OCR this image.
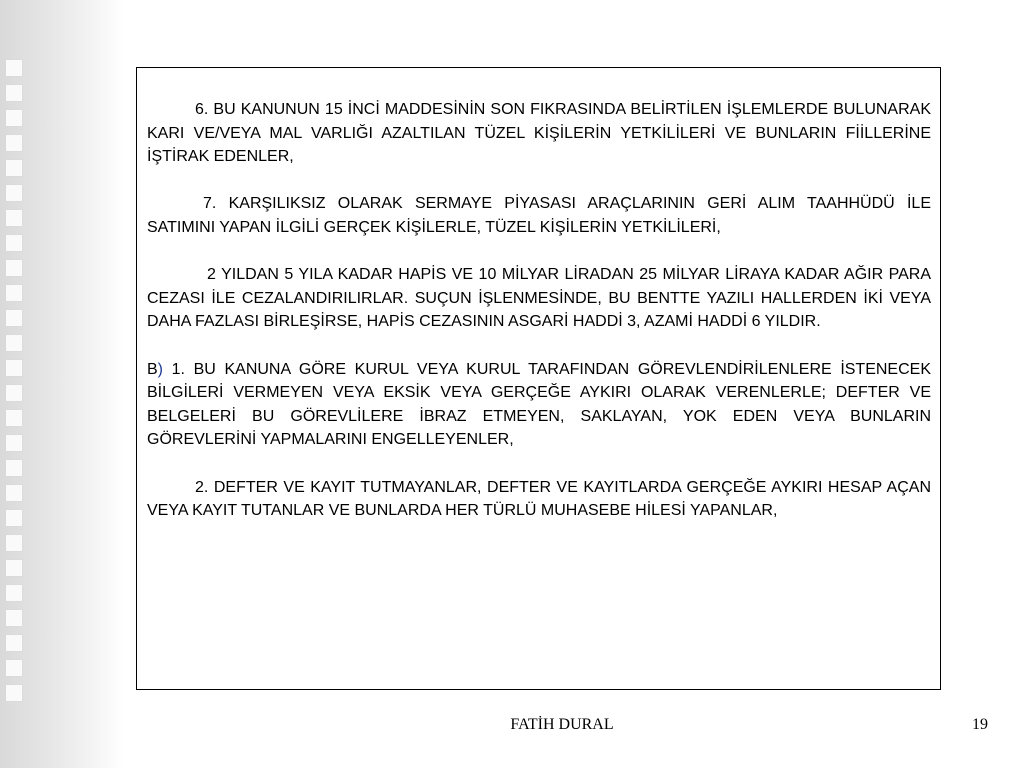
6. BU KANUNUN 15 İNCİ MADDESİNİN SON FIKRASINDA BELİRTİLEN İŞLEMLERDE BULUNARAK KARI VE/VEYA MAL VARLIĞI AZALTILAN TÜZEL KİŞİLERİN YETKİLİLERİ VE BUNLARIN FİİLLERİNE İŞTİRAK EDENLER,

7. KARŞILIKSIZ OLARAK SERMAYE PİYASASI ARAÇLARININ GERİ ALIM TAAHHÜDÜ İLE SATIMINI YAPAN İLGİLİ GERÇEK KİŞİLERLE, TÜZEL KİŞİLERİN YETKİLİLERİ,

2 YILDAN 5 YILA KADAR HAPİS VE 10 MİLYAR LİRADAN 25 MİLYAR LİRAYA KADAR AĞIR PARA CEZASI İLE CEZALANDIRILIRLAR. SUÇUN İŞLENMESİNDE, BU BENTTE YAZILI HALLERDEN İKİ VEYA DAHA FAZLASI BİRLEŞİRSE, HAPİS CEZASININ ASGARİ HADDİ 3, AZAMİ HADDİ 6 YILDIR.

B) 1. BU KANUNA GÖRE KURUL VEYA KURUL TARAFINDAN GÖREVLENDİRİLENLERE İSTENECEK BİLGİLERİ VERMEYEN VEYA EKSİK VEYA GERÇEĞE AYKIRI OLARAK VERENLERLE; DEFTER VE BELGELERİ BU GÖREVLİLERE İBRAZ ETMEYEN, SAKLAYAN, YOK EDEN VEYA BUNLARIN GÖREVLERİNİ YAPMALARINI ENGELLEYENLER,

2. DEFTER VE KAYIT TUTMAYANLAR, DEFTER VE KAYITLARDA GERÇEĞE AYKIRI HESAP AÇAN VEYA KAYIT TUTANLAR VE BUNLARDA HER TÜRLÜ MUHASEBE HİLESİ YAPANLAR,

FATİH DURAL	19
